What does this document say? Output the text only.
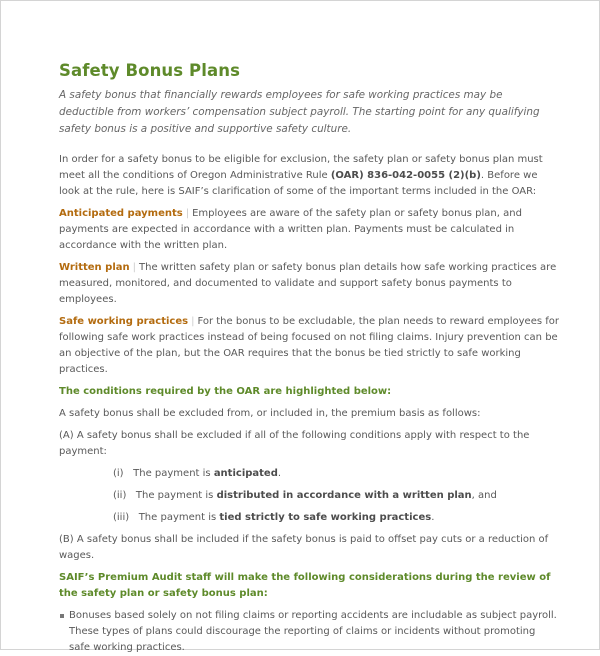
Safety Bonus Plans

A safety bonus that financially rewards employees for safe working practices may be deductible from workers’ compensation subject payroll. The starting point for any qualifying safety bonus is a positive and supportive safety culture.

In order for a safety bonus to be eligible for exclusion, the safety plan or safety bonus plan must meet all the conditions of Oregon Administrative Rule (OAR) 836-042-0055 (2)(b). Before we look at the rule, here is SAIF’s clarification of some of the important terms included in the OAR:

Anticipated payments | Employees are aware of the safety plan or safety bonus plan, and payments are expected in accordance with a written plan. Payments must be calculated in accordance with the written plan.

Written plan | The written safety plan or safety bonus plan details how safe working practices are measured, monitored, and documented to validate and support safety bonus payments to employees.

Safe working practices | For the bonus to be excludable, the plan needs to reward employees for following safe work practices instead of being focused on not filing claims. Injury prevention can be an objective of the plan, but the OAR requires that the bonus be tied strictly to safe working practices.

The conditions required by the OAR are highlighted below:

A safety bonus shall be excluded from, or included in, the premium basis as follows:

(A) A safety bonus shall be excluded if all of the following conditions apply with respect to the payment:

(i) The payment is anticipated.

(ii) The payment is distributed in accordance with a written plan, and

(iii) The payment is tied strictly to safe working practices.

(B) A safety bonus shall be included if the safety bonus is paid to offset pay cuts or a reduction of wages.

SAIF’s Premium Audit staff will make the following considerations during the review of the safety plan or safety bonus plan:

Bonuses based solely on not filing claims or reporting accidents are includable as subject payroll. These types of plans could discourage the reporting of claims or incidents without promoting safe working practices.
